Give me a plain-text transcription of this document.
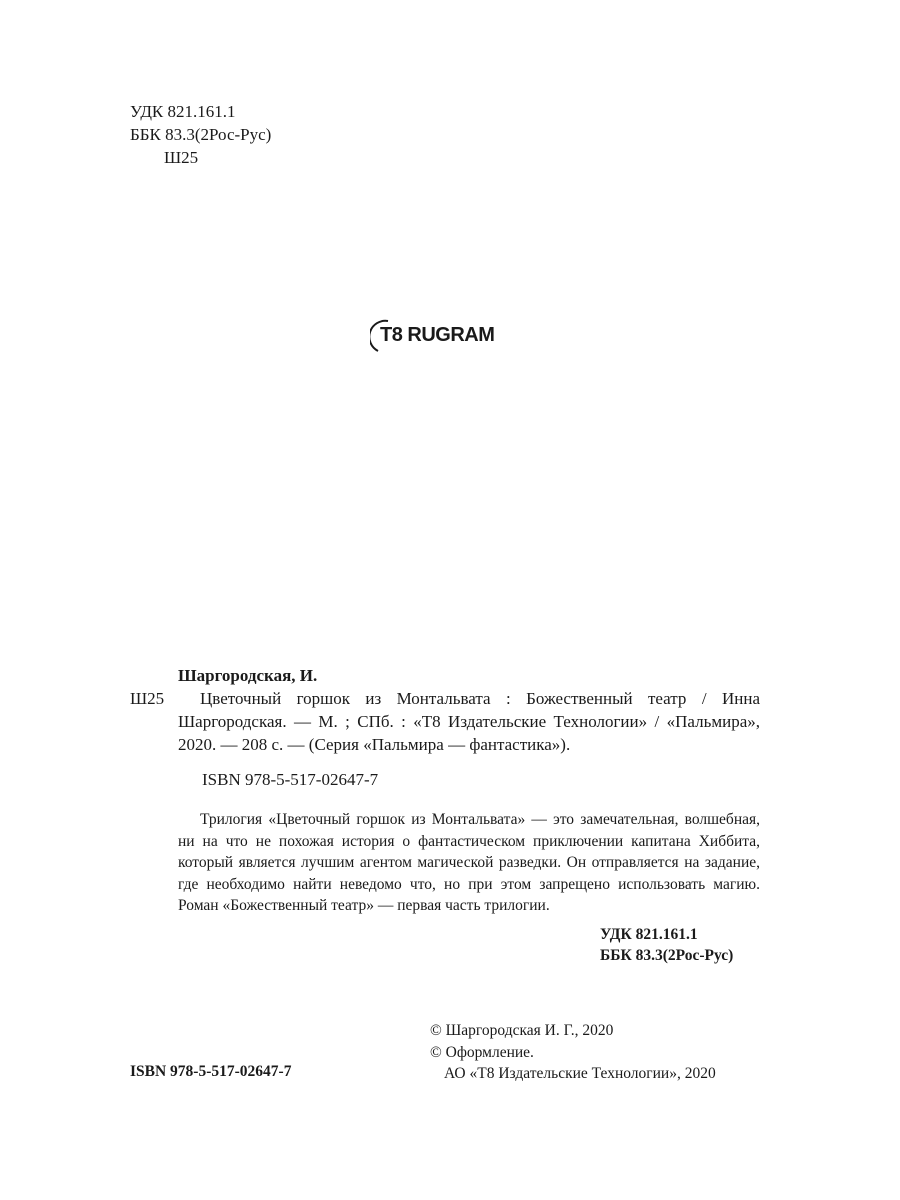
УДК 821.161.1
ББК 83.3(2Рос-Рус)
Ш25
T8 RUGRAM
Шаргородская, И.
Ш25	Цветочный горшок из Монтальвата : Божественный театр / Инна Шаргородская. — М. ; СПб. : «Т8 Издательские Технологии» / «Пальмира», 2020. — 208 с. — (Серия «Пальмира — фантастика»).
ISBN 978-5-517-02647-7
Трилогия «Цветочный горшок из Монтальвата» — это замечательная, волшебная, ни на что не похожая история о фантастическом приключении капитана Хиббита, который является лучшим агентом магической разведки. Он отправляется на задание, где необходимо найти неведомо что, но при этом запрещено использовать магию. Роман «Божественный театр» — первая часть трилогии.
УДК 821.161.1
ББК 83.3(2Рос-Рус)
© Шаргородская И. Г., 2020
© Оформление.
АО «Т8 Издательские Технологии», 2020
ISBN 978-5-517-02647-7
